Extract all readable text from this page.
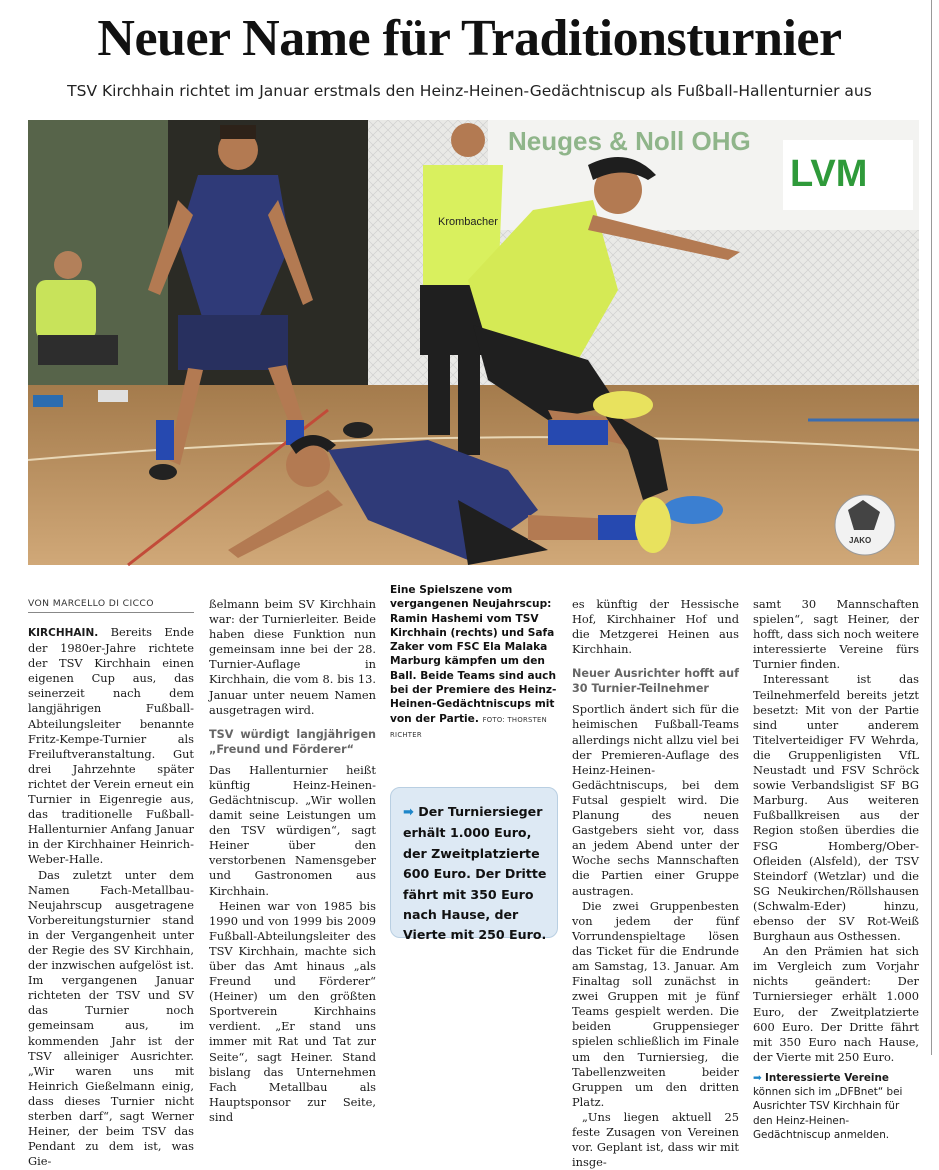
Neuer Name für Traditionsturnier
TSV Kirchhain richtet im Januar erstmals den Heinz-Heinen-Gedächtniscup als Fußball-Hallenturnier aus
Neuges & Noll OHG
LVM
Krombacher
JAKO
VON MARCELLO DI CICCO

KIRCHHAIN. Bereits Ende der 1980er-Jahre richtete der TSV Kirchhain einen eigenen Cup aus, das seinerzeit nach dem langjährigen Fußball-Abteilungsleiter benannte Fritz-Kempe-Turnier als Freiluftveranstaltung. Gut drei Jahrzehnte später richtet der Verein erneut ein Turnier in Eigenregie aus, das traditionelle Fußball-Hallenturnier Anfang Januar in der Kirchhainer Heinrich-Weber-Halle.

Das zuletzt unter dem Namen Fach-Metallbau-Neujahrscup ausgetragene Vorbereitungsturnier stand in der Vergangenheit unter der Regie des SV Kirchhain, der inzwischen aufgelöst ist. Im vergangenen Januar richteten der TSV und SV das Turnier noch gemeinsam aus, im kommenden Jahr ist der TSV alleiniger Ausrichter. „Wir waren uns mit Heinrich Gießelmann einig, dass dieses Turnier nicht sterben darf“, sagt Werner Heiner, der beim TSV das Pendant zu dem ist, was Gie-

ßelmann beim SV Kirchhain war: der Turnierleiter. Beide haben diese Funktion nun gemeinsam inne bei der 28. Turnier-Auflage in Kirchhain, die vom 8. bis 13. Januar unter neuem Namen ausgetragen wird.

TSV würdigt langjährigen „Freund und Förderer“

Das Hallenturnier heißt künftig Heinz-Heinen-Gedächtniscup. „Wir wollen damit seine Leistungen um den TSV würdigen“, sagt Heiner über den verstorbenen Namensgeber und Gastronomen aus Kirchhain.

Heinen war von 1985 bis 1990 und von 1999 bis 2009 Fußball-Abteilungsleiter des TSV Kirchhain, machte sich über das Amt hinaus „als Freund und Förderer“ (Heiner) um den größten Sportverein Kirchhains verdient. „Er stand uns immer mit Rat und Tat zur Seite“, sagt Heiner. Stand bislang das Unternehmen Fach Metallbau als Hauptsponsor zur Seite, sind

Eine Spielszene vom vergangenen Neujahrscup: Ramin Hashemi vom TSV Kirchhain (rechts) und Safa Zaker vom FSC Ela Malaka Marburg kämpfen um den Ball. Beide Teams sind auch bei der Premiere des Heinz-Heinen-Gedächtniscups mit von der Partie. FOTO: THORSTEN RICHTER
➡ Der Turniersieger erhält 1.000 Euro, der Zweitplatzierte 600 Euro. Der Dritte fährt mit 350 Euro nach Hause, der Vierte mit 250 Euro.

es künftig der Hessische Hof, Kirchhainer Hof und die Metzgerei Heinen aus Kirchhain.

Neuer Ausrichter hofft auf 30 Turnier-Teilnehmer

Sportlich ändert sich für die heimischen Fußball-Teams allerdings nicht allzu viel bei der Premieren-Auflage des Heinz-Heinen-Gedächtniscups, bei dem Futsal gespielt wird. Die Planung des neuen Gastgebers sieht vor, dass an jedem Abend unter der Woche sechs Mannschaften die Partien einer Gruppe austragen.

Die zwei Gruppenbesten von jedem der fünf Vorrundenspieltage lösen das Ticket für die Endrunde am Samstag, 13. Januar. Am Finaltag soll zunächst in zwei Gruppen mit je fünf Teams gespielt werden. Die beiden Gruppensieger spielen schließlich im Finale um den Turniersieg, die Tabellenzweiten beider Gruppen um den dritten Platz.

„Uns liegen aktuell 25 feste Zusagen von Vereinen vor. Geplant ist, dass wir mit insge-

samt 30 Mannschaften spielen“, sagt Heiner, der hofft, dass sich noch weitere interessierte Vereine fürs Turnier finden.

Interessant ist das Teilnehmerfeld bereits jetzt besetzt: Mit von der Partie sind unter anderem Titelverteidiger FV Wehrda, die Gruppenligisten VfL Neustadt und FSV Schröck sowie Verbandsligist SF BG Marburg. Aus weiteren Fußballkreisen aus der Region stoßen überdies die FSG Homberg/Ober-Ofleiden (Alsfeld), der TSV Steindorf (Wetzlar) und die SG Neukirchen/Röllshausen (Schwalm-Eder) hinzu, ebenso der SV Rot-Weiß Burghaun aus Osthessen.

An den Prämien hat sich im Vergleich zum Vorjahr nichts geändert: Der Turniersieger erhält 1.000 Euro, der Zweitplatzierte 600 Euro. Der Dritte fährt mit 350 Euro nach Hause, der Vierte mit 250 Euro.

➡ Interessierte Vereine können sich im „DFBnet“ bei Ausrichter TSV Kirchhain für den Heinz-Heinen-Gedächtniscup anmelden.
